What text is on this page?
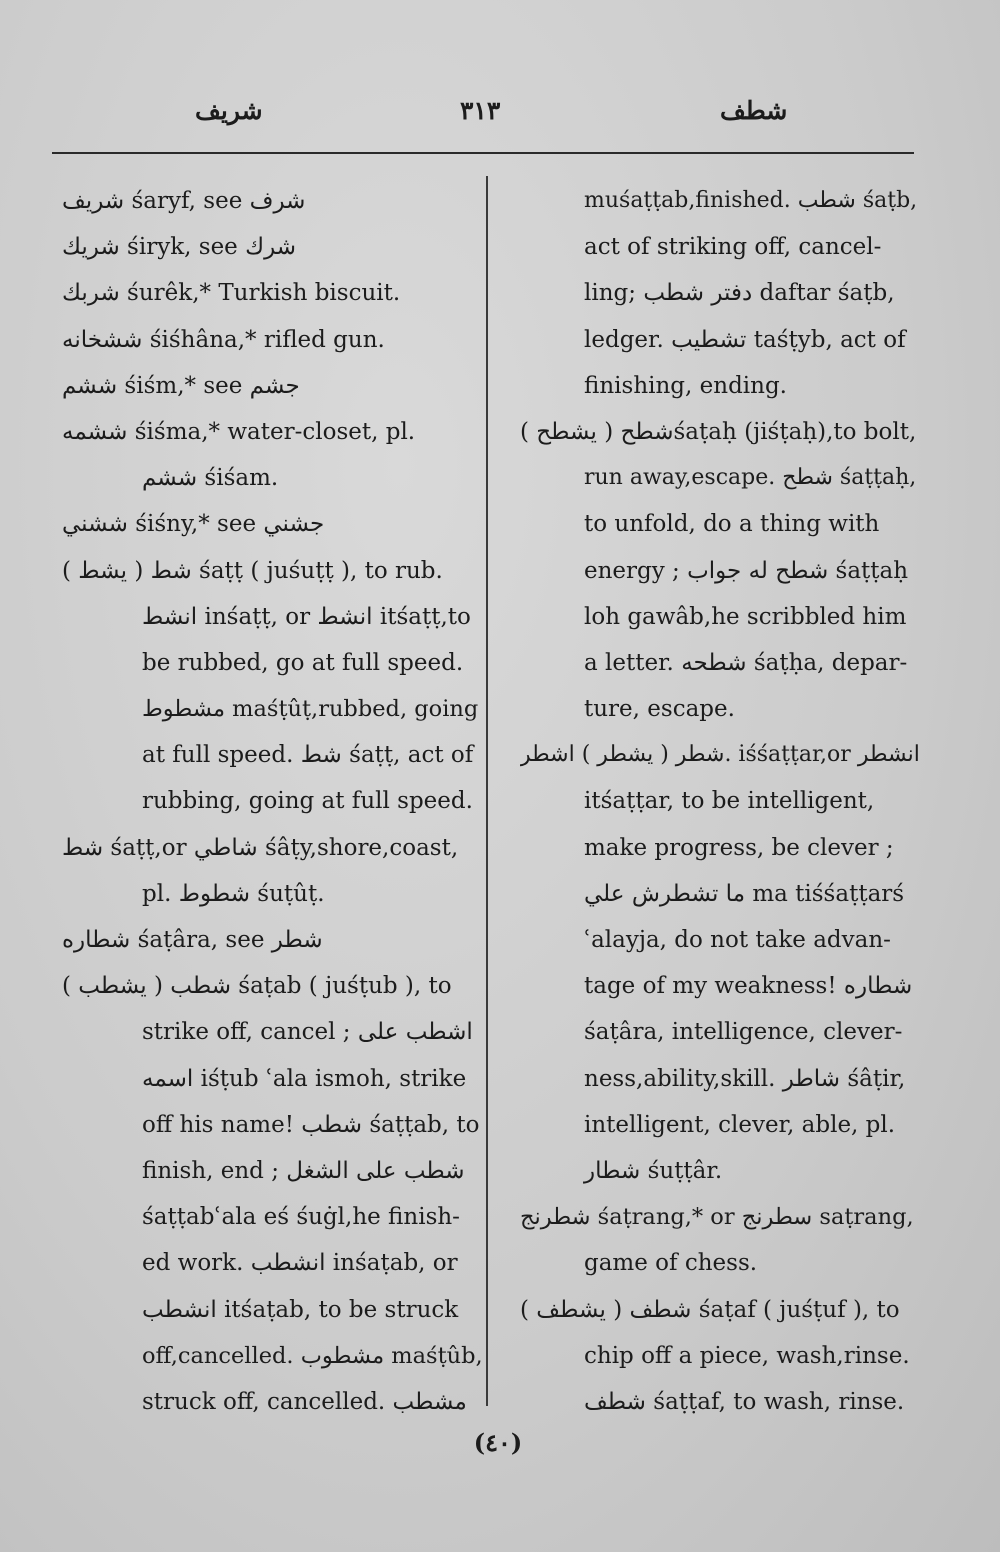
شريف	٣١٣	شطف
شريف śaryf, see شرف
شريك śiryk, see شرك
شربك śurêk,* Turkish biscuit.
ششخانه śiśhâna,* rifled gun.
ششم śiśm,* see جشم
ششمه śiśma,* water-closet, pl.
ششم śiśam.
ششني śiśny,* see جشني
شط ( يشط ) śaṭṭ ( juśuṭṭ ), to rub.
انشط inśaṭṭ, or انشط itśaṭṭ,to
be rubbed, go at full speed.
مشطوط maśṭûṭ,rubbed, going
at full speed. شط śaṭṭ, act of
rubbing, going at full speed.
شط śaṭṭ,or شاطي śâṭy,shore,coast,
pl. شطوط śuṭûṭ.
شطاره śaṭâra, see شطر
شطب ( يشطب ) śaṭab ( juśṭub ), to
strike off, cancel ; اشطب على
اسمه iśṭub ʿala ismoh, strike
off his name! شطب śaṭṭab, to
finish, end ; شطب على الشغل
śaṭṭabʿala eś śuġl,he finish-
ed work. انشطب inśaṭab, or
انشطب itśaṭab, to be struck
off,cancelled. مشطوب maśṭûb,
struck off, cancelled. مشطب
muśaṭṭab,finished. شطب śaṭb,
act of striking off, cancel-
ling; دفتر شطب daftar śaṭb,
ledger. تشطيب taśṭyb, act of
finishing, ending.
شطح ( يشطح )śaṭaḥ (jiśṭaḥ),to bolt,
run away,escape. شطح śaṭṭaḥ,
to unfold, do a thing with
energy ; شطح له جواب śaṭṭaḥ
loh gawâb,he scribbled him
a letter. شطحه śaṭḥa, depar-
ture, escape.
شطر ( يشطر ) اشطر. iśśaṭṭar,or انشطر
itśaṭṭar, to be intelligent,
make progress, be clever ;
ما تشطرش علي ma tiśśaṭṭarś
ʿalayja, do not take advan-
tage of my weakness! شطاره
śaṭâra, intelligence, clever-
ness,ability,skill. شاطر śâṭir,
intelligent, clever, able, pl.
شطار śuṭṭâr.
شطرنج śaṭrang,* or سطرنج saṭrang,
game of chess.
شطف ( يشطف ) śaṭaf ( juśṭuf ), to
chip off a piece, wash,rinse.
شطف śaṭṭaf, to wash, rinse.
(٤٠)
